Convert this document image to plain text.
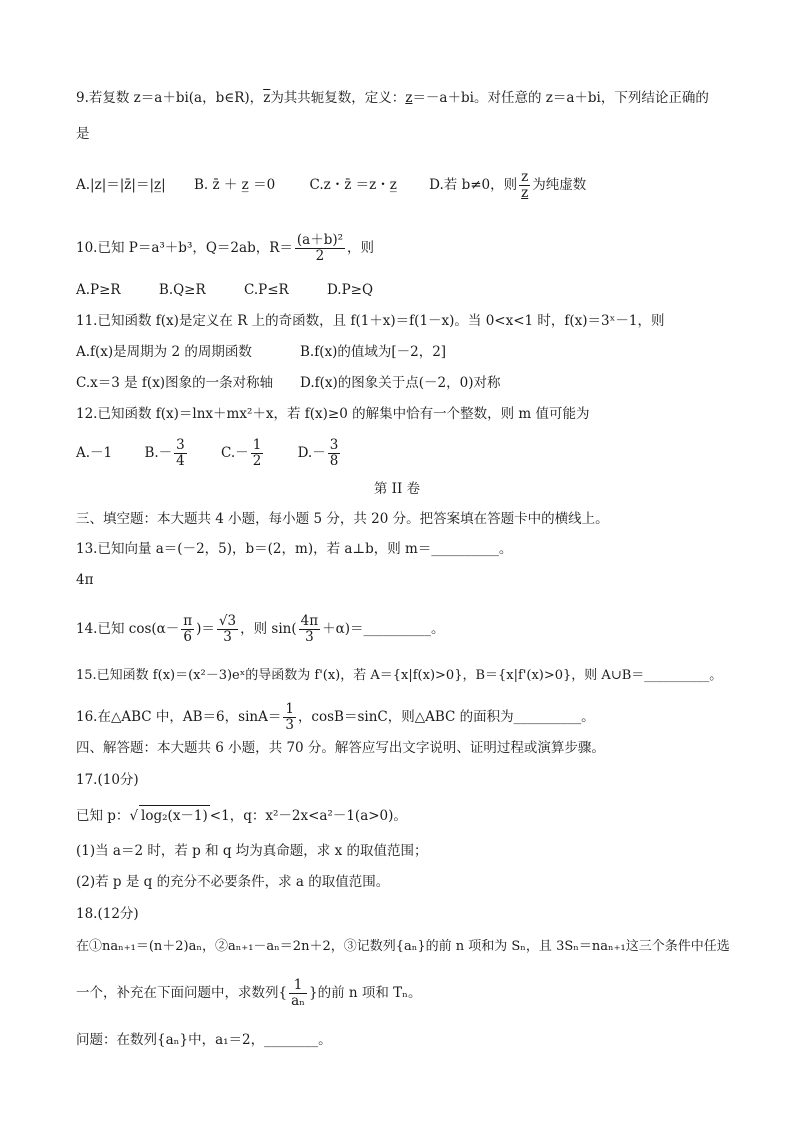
9.若复数 z＝a＋bi(a，b∈R)，$\overline{z}$为其共轭复数，定义：z＝－a＋bi。对任意的 z＝a＋bi，下列结论正确的
是
A.|z|＝|z̄|＝|z̲| B. z̄ ＋ z̲ ＝0	C.z・z̄ ＝z・z̲ D.若 b≠0，则 $\frac{z}{z}$ 为纯虚数
10.已知 P＝a³＋b³，Q＝2ab，$R= \frac{\text{(a＋b)²}}{2}$ ，则
A.P≥R	B.Q≥R	C.P≤R	D.P≥Q
11.已知函数 f(x)是定义在 R 上的奇函数，且 f(1＋x)＝f(1－x)。当 0<x<1 时，f(x)＝3ˣ－1，则
A.f(x)是周期为 2 的周期函数	B.f(x)的值域为[－2，2]
C.x＝3 是 f(x)图象的一条对称轴 D.f(x)的图象关于点(－2，0)对称
12.已知函数 f(x)＝lnx＋mx²＋x，若 f(x)≥0 的解集中恰有一个整数，则 m 值可能为
A.－1 $B.- \frac{3}{4}$	$C.- \frac{1}{2}$	$D.- \frac{3}{8}$
第 II 卷
三、填空题：本大题共 4 小题，每小题 5 分，共 20 分。把答案填在答题卡中的横线上。
13.已知向量 a＝(－2，5)，b＝(2，m)，若 a⊥b，则 m＝__________。
4π
14.已知 $\cos(\alpha- \frac{\pi}{6}$ )＝ $\frac{√3}{3}$ ，则 $\sin( \frac{4\pi}{3}$ ＋α)＝__________。
15.已知函数 f(x)＝(x²－3)eˣ的导函数为 f'(x)，若 A＝{x|f(x)>0}，B＝{x|f'(x)>0}，则 A∪B＝__________。
16.在△ABC 中，AB＝6，$\sin A= \frac{1}{3}$ ，cosB＝sinC，则△ABC 的面积为__________。
四、解答题：本大题共 6 小题，共 70 分。解答应写出文字说明、证明过程或演算步骤。
17.(10分)
已知 p：√ log₂(x－1) <1，q：x²－2x<a²－1(a>0)。
(1)当 a＝2 时，若 p 和 q 均为真命题，求 x 的取值范围；
(2)若 p 是 q 的充分不必要条件，求 a 的取值范围。
18.(12分)
在①naₙ₊₁＝(n＋2)aₙ，②aₙ₊₁－aₙ＝2n＋2，③记数列{aₙ}的前 n 项和为 Sₙ，且 3Sₙ＝naₙ₊₁这三个条件中任选
一个，补充在下面问题中，求数列{ $\frac{1}{\text{aₙ}}$ }的前 n 项和 Tₙ。
问题：在数列{aₙ}中，a₁＝2，________。
